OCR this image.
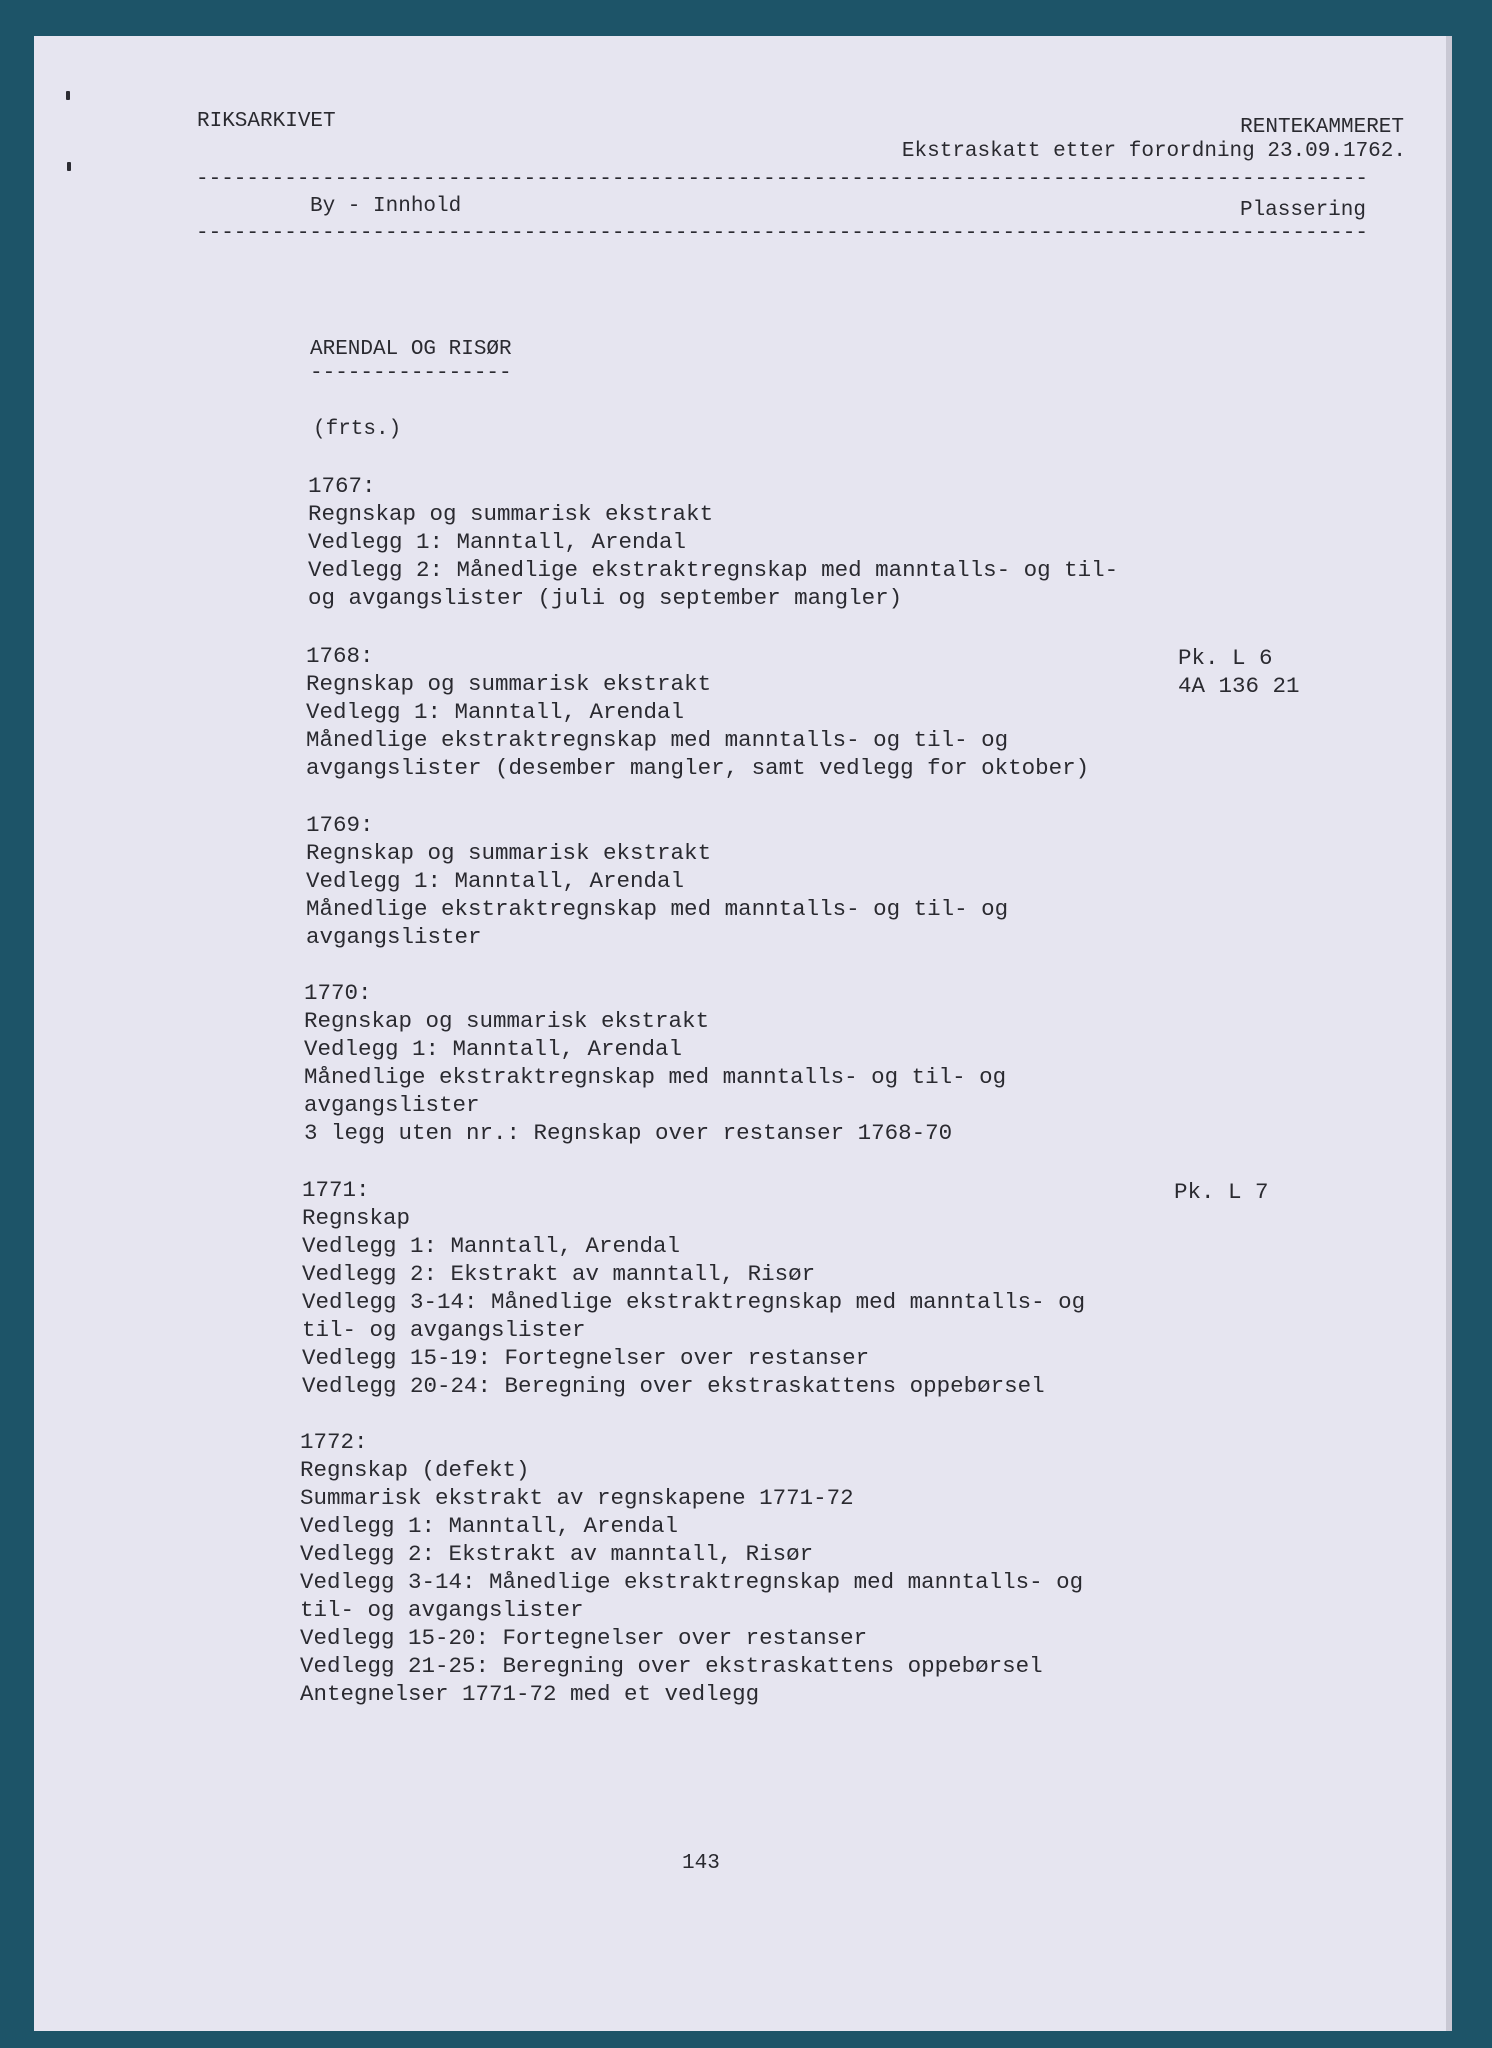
RIKSARKIVET	RENTEKAMMERET
Ekstraskatt etter forordning 23.09.1762.
---------------------------------------------------------------------------------------------
By - Innhold	Plassering
---------------------------------------------------------------------------------------------
ARENDAL OG RISØR
----------------
(frts.)
1767:
Regnskap og summarisk ekstrakt
Vedlegg 1: Manntall, Arendal
Vedlegg 2: Månedlige ekstraktregnskap med manntalls- og til-
og avgangslister (juli og september mangler)
1768:
Regnskap og summarisk ekstrakt
Vedlegg 1: Manntall, Arendal
Månedlige ekstraktregnskap med manntalls- og til- og
avgangslister (desember mangler, samt vedlegg for oktober)
Pk. L 6
4A 136 21
1769:
Regnskap og summarisk ekstrakt
Vedlegg 1: Manntall, Arendal
Månedlige ekstraktregnskap med manntalls- og til- og
avgangslister
1770:
Regnskap og summarisk ekstrakt
Vedlegg 1: Manntall, Arendal
Månedlige ekstraktregnskap med manntalls- og til- og
avgangslister
3 legg uten nr.: Regnskap over restanser 1768-70
1771:
Regnskap
Vedlegg 1: Manntall, Arendal
Vedlegg 2: Ekstrakt av manntall, Risør
Vedlegg 3-14: Månedlige ekstraktregnskap med manntalls- og
til- og avgangslister
Vedlegg 15-19: Fortegnelser over restanser
Vedlegg 20-24: Beregning over ekstraskattens oppebørsel
Pk. L 7
1772:
Regnskap (defekt)
Summarisk ekstrakt av regnskapene 1771-72
Vedlegg 1: Manntall, Arendal
Vedlegg 2: Ekstrakt av manntall, Risør
Vedlegg 3-14: Månedlige ekstraktregnskap med manntalls- og
til- og avgangslister
Vedlegg 15-20: Fortegnelser over restanser
Vedlegg 21-25: Beregning over ekstraskattens oppebørsel
Antegnelser 1771-72 med et vedlegg
143
